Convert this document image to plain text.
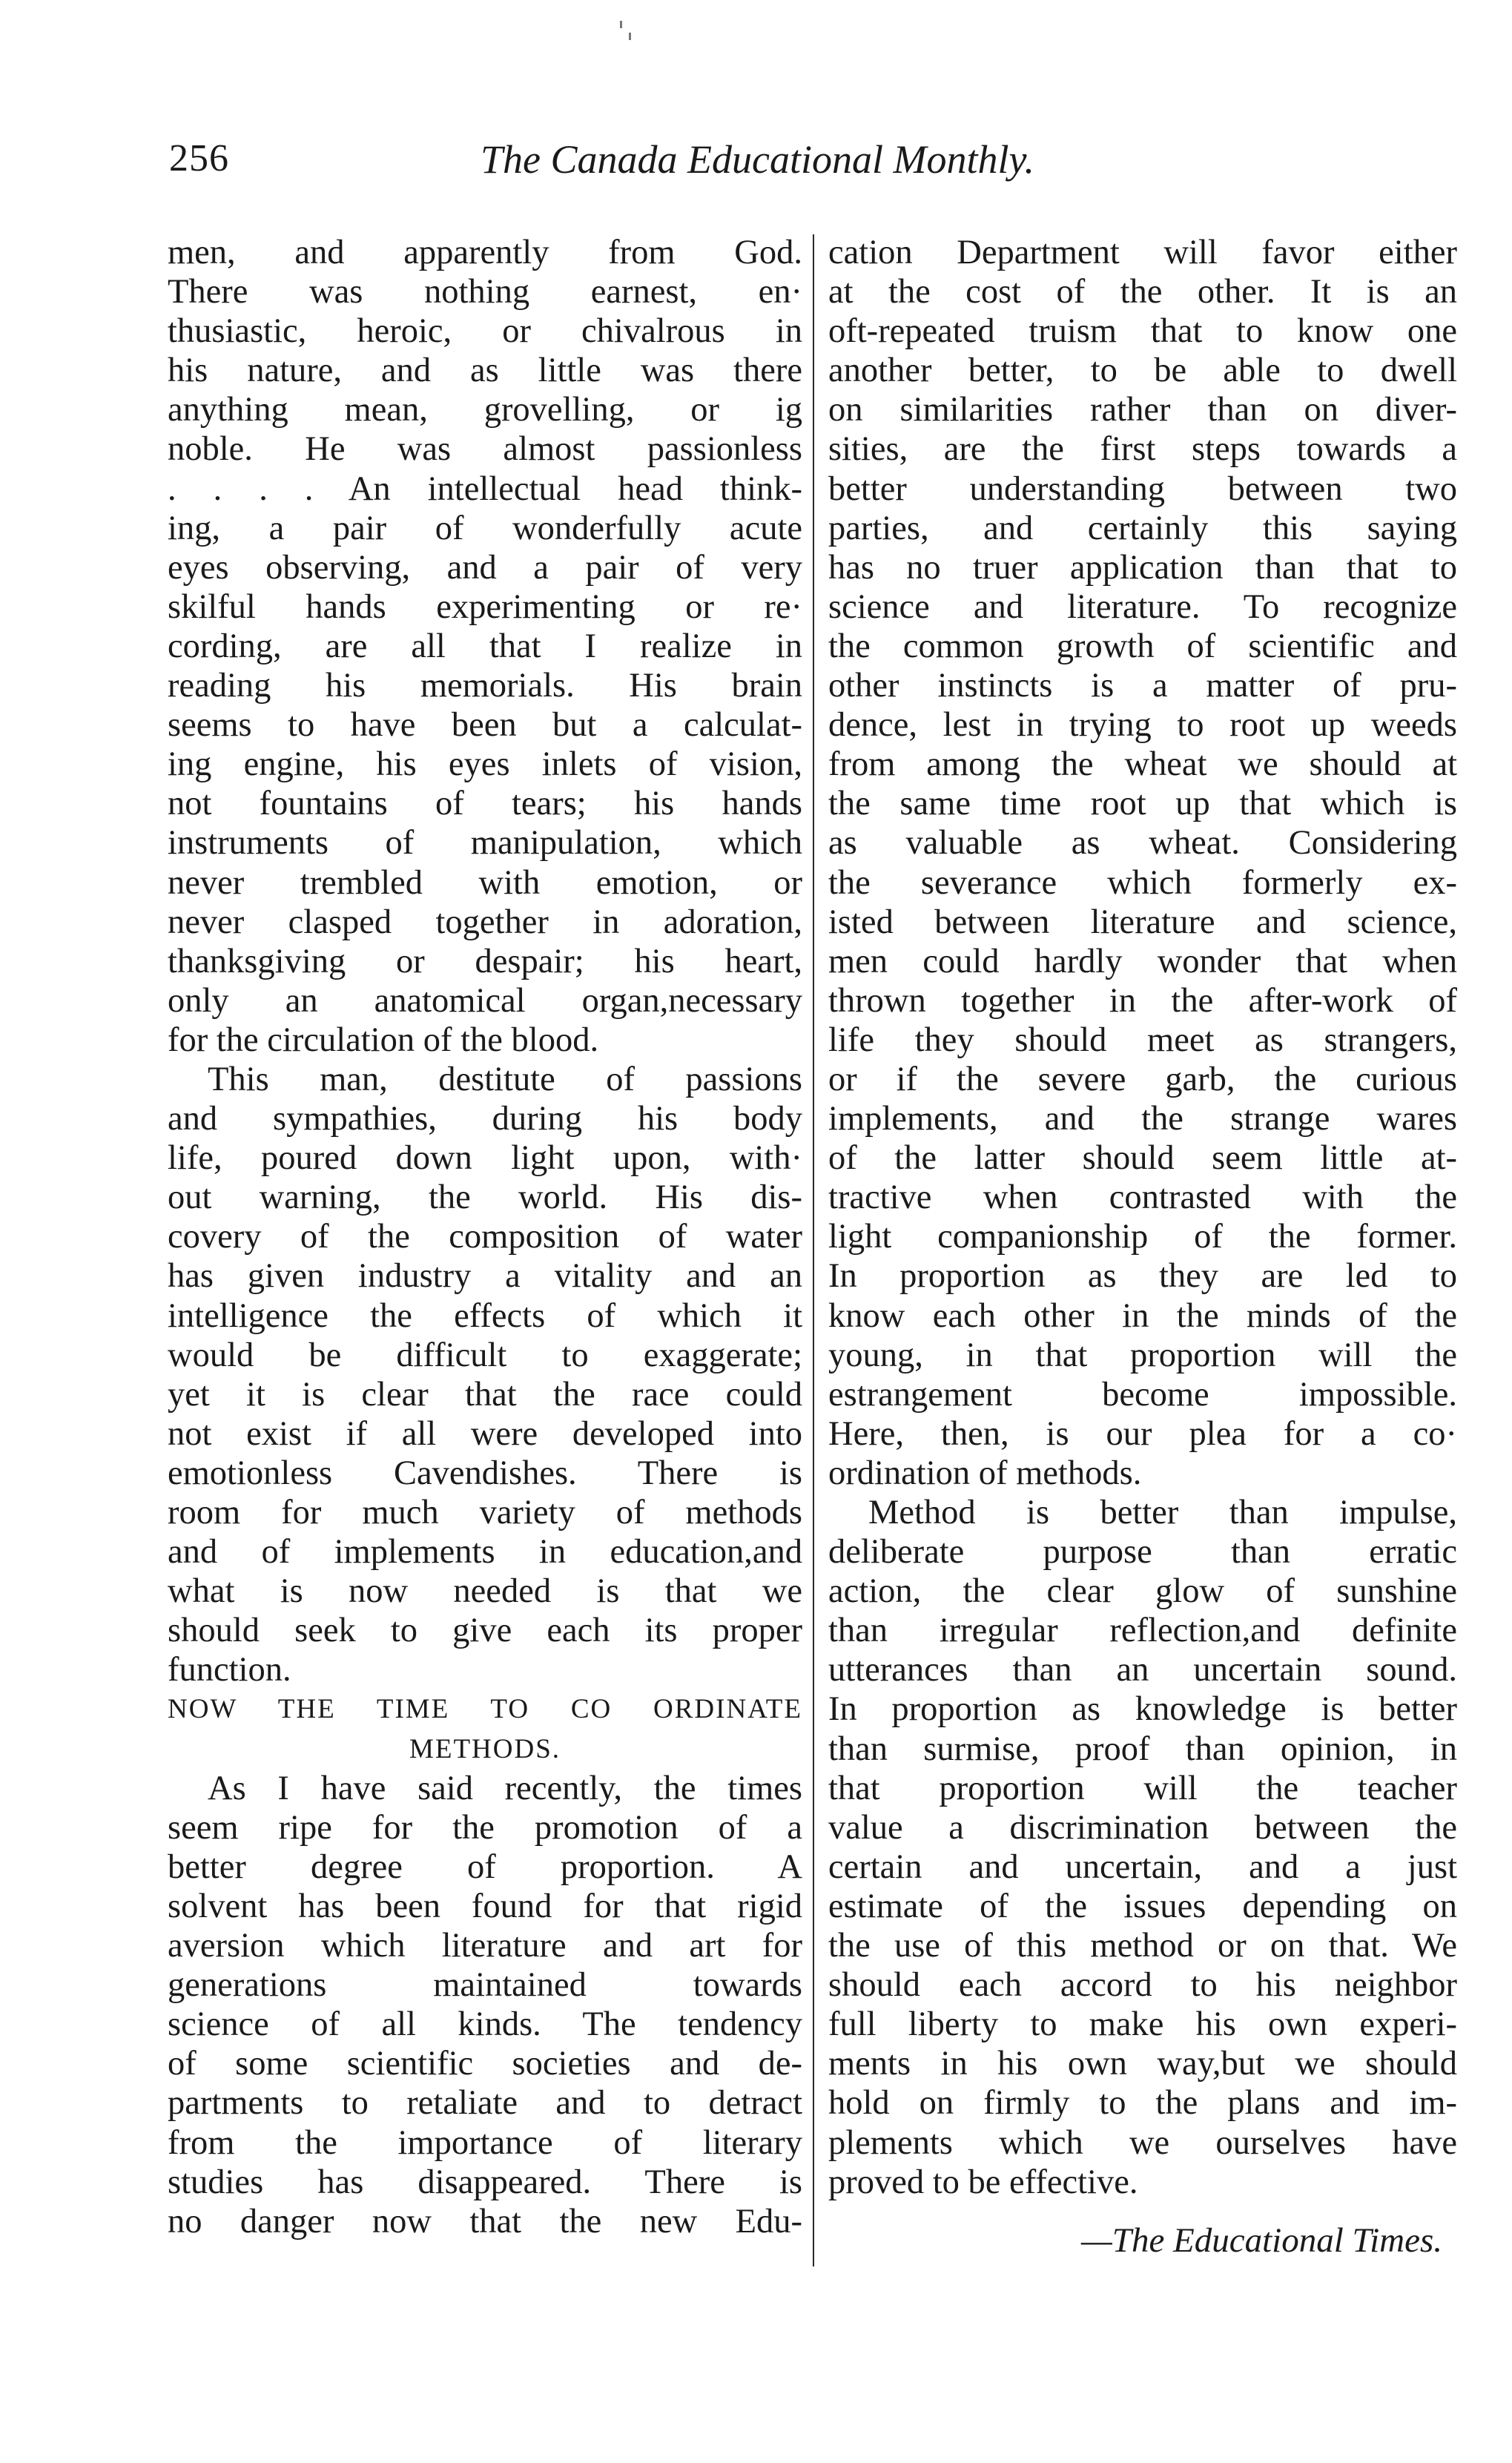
256	The Canada Educational Monthly.
men, and apparently from God.
There was nothing earnest, en·
thusiastic, heroic, or chivalrous in
his nature, and as little was there
anything mean, grovelling, or ig
noble. He was almost passionless
. . . . An intellectual head think-
ing, a pair of wonderfully acute
eyes observing, and a pair of very
skilful hands experimenting or re·
cording, are all that I realize in
reading his memorials. His brain
seems to have been but a calculat-
ing engine, his eyes inlets of vision,
not fountains of tears; his hands
instruments of manipulation, which
never trembled with emotion, or
never clasped together in adoration,
thanksgiving or despair; his heart,
only an anatomical organ,necessary
for the circulation of the blood.
This man, destitute of passions
and sympathies, during his body
life, poured down light upon, with·
out warning, the world. His dis-
covery of the composition of water
has given industry a vitality and an
intelligence the effects of which it
would be difficult to exaggerate;
yet it is clear that the race could
not exist if all were developed into
emotionless Cavendishes. There is
room for much variety of methods
and of implements in education,and
what is now needed is that we
should seek to give each its proper
function.
NOW THE TIME TO CO ORDINATE
METHODS.
As I have said recently, the times
seem ripe for the promotion of a
better degree of proportion. A
solvent has been found for that rigid
aversion which literature and art for
generations maintained towards
science of all kinds. The tendency
of some scientific societies and de-
partments to retaliate and to detract
from the importance of literary
studies has disappeared. There is
no danger now that the new Edu-
cation Department will favor either
at the cost of the other. It is an
oft-repeated truism that to know one
another better, to be able to dwell
on similarities rather than on diver-
sities, are the first steps towards a
better understanding between two
parties, and certainly this saying
has no truer application than that to
science and literature. To recognize
the common growth of scientific and
other instincts is a matter of pru-
dence, lest in trying to root up weeds
from among the wheat we should at
the same time root up that which is
as valuable as wheat. Considering
the severance which formerly ex-
isted between literature and science,
men could hardly wonder that when
thrown together in the after-work of
life they should meet as strangers,
or if the severe garb, the curious
implements, and the strange wares
of the latter should seem little at-
tractive when contrasted with the
light companionship of the former.
In proportion as they are led to
know each other in the minds of the
young, in that proportion will the
estrangement become impossible.
Here, then, is our plea for a co·
ordination of methods.
Method is better than impulse,
deliberate purpose than erratic
action, the clear glow of sunshine
than irregular reflection,and definite
utterances than an uncertain sound.
In proportion as knowledge is better
than surmise, proof than opinion, in
that proportion will the teacher
value a discrimination between the
certain and uncertain, and a just
estimate of the issues depending on
the use of this method or on that. We
should each accord to his neighbor
full liberty to make his own experi-
ments in his own way,but we should
hold on firmly to the plans and im-
plements which we ourselves have
proved to be effective.
—The Educational Times.
